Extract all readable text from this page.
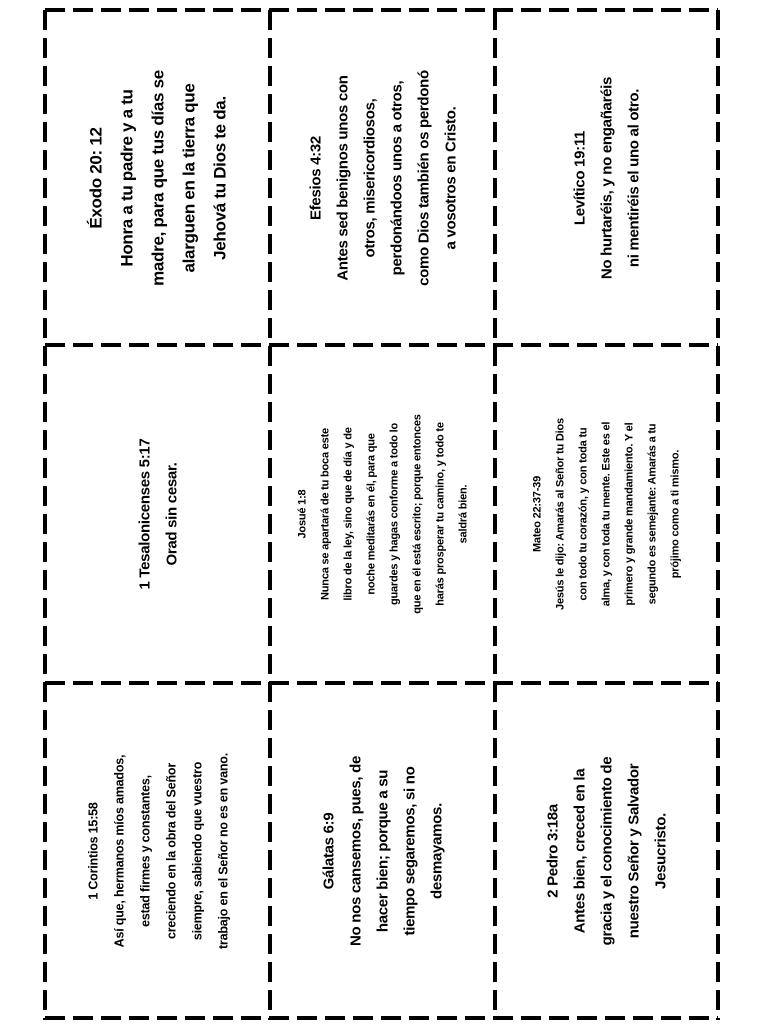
Éxodo 20: 12 Honra a tu padre y a tu madre, para que tus días se alarguen en la tierra que Jehová tu Dios te da.	Efesios 4:32 Antes sed benignos unos con otros, misericordiosos, perdonándoos unos a otros, como Dios también os perdonó a vosotros en Cristo.	Levítico 19:11 No hurtaréis, y no engañaréis ni mentiréis el uno al otro.
1 Tesalonicenses 5:17 Orad sin cesar.	Josué 1:8	Nunca se apartará de tu boca este	libro de la ley, sino que de día y de	noche meditarás en él, para que	guardes y hagas conforme a todo lo	que en él está escrito; porque entonces	harás prosperar tu camino, y todo te	saldrá bien.	Mateo 22:37-39	Jesús le dijo: Amarás al Señor tu Dios	con todo tu corazón, y con toda tu	alma, y con toda tu mente. Este es el	primero y grande mandamiento. Y el	segundo es semejante: Amarás a tu	prójimo como a ti mismo.
1 Corintios 15:58 Así que, hermanos míos amados, estad firmes y constantes, creciendo en la obra del Señor siempre, sabiendo que vuestro trabajo en el Señor no es en vano.	Gálatas 6:9 No nos cansemos, pues, de hacer bien; porque a su tiempo segaremos, si no desmayamos.	2 Pedro 3:18a Antes bien, creced en la gracia y el conocimiento de nuestro Señor y Salvador Jesucristo.
